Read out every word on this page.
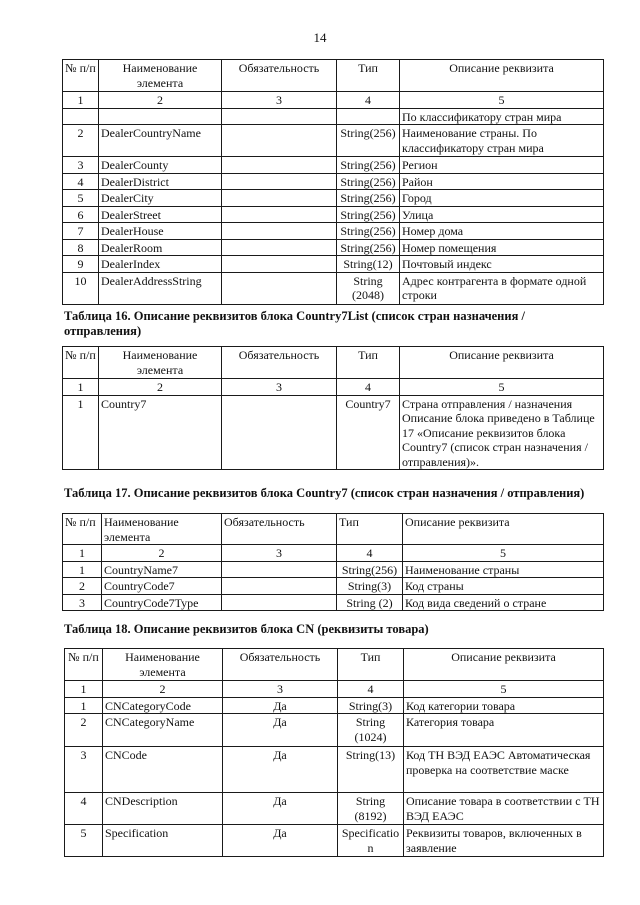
14
№ п/п	Наименование элемента	Обязательность	Тип	Описание реквизита
1	2	3	4	5
				По классификатору стран мира
2	DealerCountryName		String(256)	Наименование страны. По классификатору стран мира
3	DealerCounty		String(256)	Регион
4	DealerDistrict		String(256)	Район
5	DealerCity		String(256)	Город
6	DealerStreet		String(256)	Улица
7	DealerHouse		String(256)	Номер дома
8	DealerRoom		String(256)	Номер помещения
9	DealerIndex		String(12)	Почтовый индекс
10	DealerAddressString		String (2048)	Адрес контрагента в формате одной строки
Таблица 16. Описание реквизитов блока Country7List (список стран назначения / отправления)
№ п/п	Наименование элемента	Обязательность	Тип	Описание реквизита
1	2	3	4	5
1	Country7		Country7	Страна отправления / назначения Описание блока приведено в Таблице 17 «Описание реквизитов блока Country7 (список стран назначения / отправления)».
Таблица 17. Описание реквизитов блока Country7 (список стран назначения / отправления)
№ п/п	Наименование элемента	Обязательность	Тип	Описание реквизита
1	2	3	4	5
1	CountryName7		String(256)	Наименование страны
2	CountryCode7		String(3)	Код страны
3	CountryCode7Type		String (2)	Код вида сведений о стране
Таблица 18. Описание реквизитов блока CN (реквизиты товара)
№ п/п	Наименование элемента	Обязательность	Тип	Описание реквизита
1	2	3	4	5
1	CNCategoryCode	Да	String(3)	Код категории товара
2	CNCategoryName	Да	String (1024)	Категория товара
3	CNCode	Да	String(13)	Код ТН ВЭД ЕАЭС Автоматическая проверка на соответствие маске
4	CNDescription	Да	String (8192)	Описание товара в соответствии с ТН ВЭД ЕАЭС
5	Specification	Да	Specification	Реквизиты товаров, включенных в заявление
